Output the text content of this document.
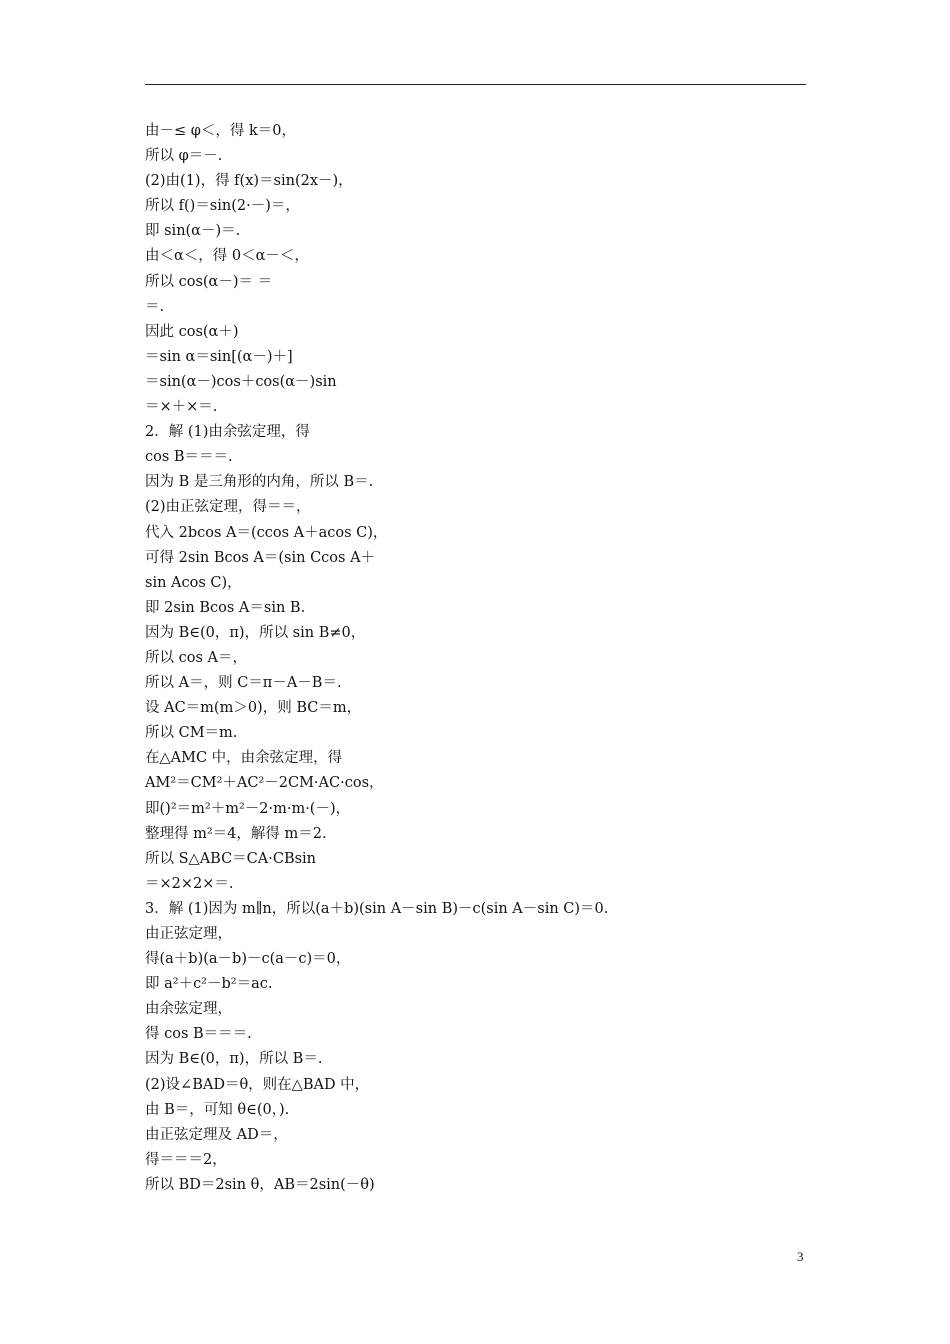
由－≤ φ＜，得 k＝0，
所以 φ＝－.
(2)由(1)，得 f(x)＝sin(2x－)，
所以 f()＝sin(2·－)＝，
即 sin(α－)＝.
由＜α＜，得 0＜α－＜，
所以 cos(α－)＝ ＝
＝.
因此 cos(α＋)
＝sin α＝sin[(α－)＋]
＝sin(α－)cos＋cos(α－)sin
＝×＋×＝.
2．解 (1)由余弦定理，得
cos B＝＝＝.
因为 B 是三角形的内角，所以 B＝.
(2)由正弦定理，得＝＝，
代入 2bcos A＝(ccos A＋acos C)，
可得 2sin Bcos A＝(sin Ccos A＋
sin Acos C)，
即 2sin Bcos A＝sin B.
因为 B∈(0，π)，所以 sin B≠0，
所以 cos A＝，
所以 A＝，则 C＝π－A－B＝.
设 AC＝m(m＞0)，则 BC＝m，
所以 CM＝m.
在△AMC 中，由余弦定理，得
AM²＝CM²＋AC²－2CM·AC·cos，
即()²＝m²＋m²－2·m·m·(－)，
整理得 m²＝4，解得 m＝2.
所以 S△ABC＝CA·CBsin
＝×2×2×＝.
3．解 (1)因为 m∥n，所以(a＋b)(sin A－sin B)－c(sin A－sin C)＝0.
由正弦定理，
得(a＋b)(a－b)－c(a－c)＝0，
即 a²＋c²－b²＝ac.
由余弦定理，
得 cos B＝＝＝.
因为 B∈(0，π)，所以 B＝.
(2)设∠BAD＝θ，则在△BAD 中，
由 B＝，可知 θ∈(0，).
由正弦定理及 AD＝，
得＝＝＝2，
所以 BD＝2sin θ，AB＝2sin(－θ)
3
